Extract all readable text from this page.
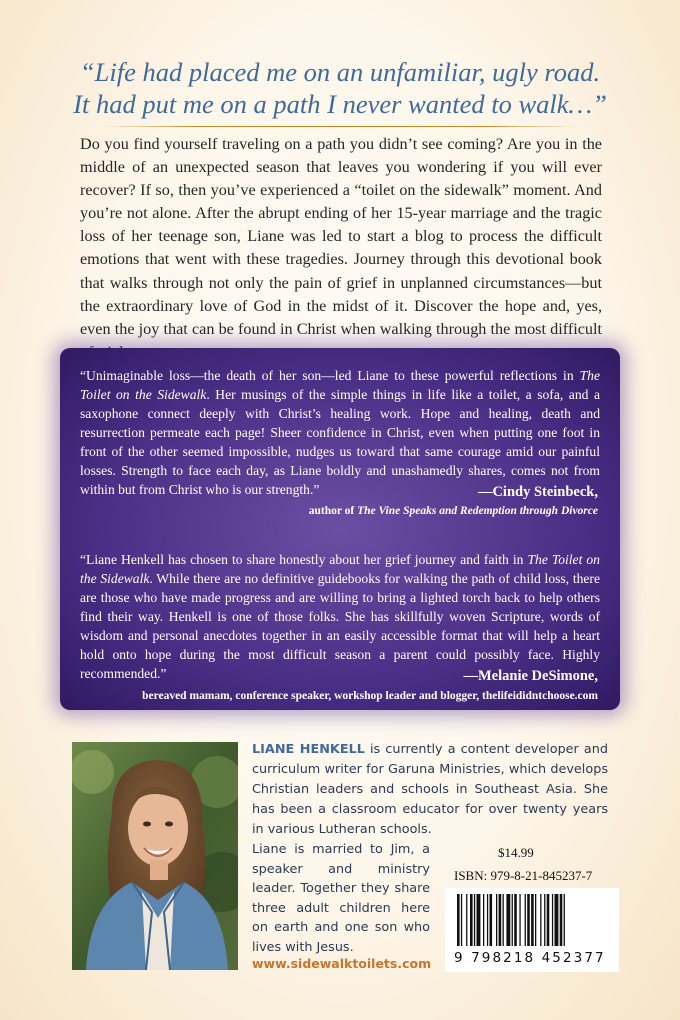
“Life had placed me on an unfamiliar, ugly road.
It had put me on a path I never wanted to walk…”

Do you find yourself traveling on a path you didn’t see coming? Are you in the middle of an unexpected season that leaves you wondering if you will ever recover? If so, then you’ve experienced a “toilet on the sidewalk” moment. And you’re not alone. After the abrupt ending of her 15-year marriage and the tragic loss of her teenage son, Liane was led to start a blog to process the difficult emotions that went with these tragedies. Journey through this devotional book that walks through not only the pain of grief in unplanned circumstances—but the extraordinary love of God in the midst of it. Discover the hope and, yes, even the joy that can be found in Christ when walking through the most difficult

“Unimaginable loss—the death of her son—led Liane to these powerful reflections in The Toilet on the Sidewalk. Her musings of the simple things in life like a toilet, a sofa, and a saxophone connect deeply with Christ’s healing work. Hope and healing, death and resurrection permeate each page! Sheer confidence in Christ, even when putting one foot in front of the other seemed impossible, nudges us toward that same courage amid our painful losses. Strength to face each day, as Liane boldly and unashamedly shares, comes not from within but from Christ who is our strength.”	—Cindy Steinbeck,

author of The Vine Speaks and Redemption through Divorce

“Liane Henkell has chosen to share honestly about her grief journey and faith in The Toilet on the Sidewalk. While there are no definitive guidebooks for walking the path of child loss, there are those who have made progress and are willing to bring a lighted torch back to help others find their way. Henkell is one of those folks. She has skillfully woven Scripture, words of wisdom and personal anecdotes together in an easily accessible format that will help a heart hold onto hope during the most difficult season a parent could possibly face. Highly recommended.”	—Melanie DeSimone,

bereaved mamam, conference speaker, workshop leader and blogger, thelifeididntchoose.com

LIANE HENKELL is currently a content developer and curriculum writer for Garuna Ministries, which develops Christian leaders and schools in Southeast Asia. She has been a classroom educator for over twenty years in various Lutheran schools.

Liane is married to Jim, a speaker and ministry leader. Together they share three adult children here on earth and one son who lives with Jesus.

www.sidewalktoilets.com

$14.99

ISBN: 979-8-21-845237-7

9 798218 452377
